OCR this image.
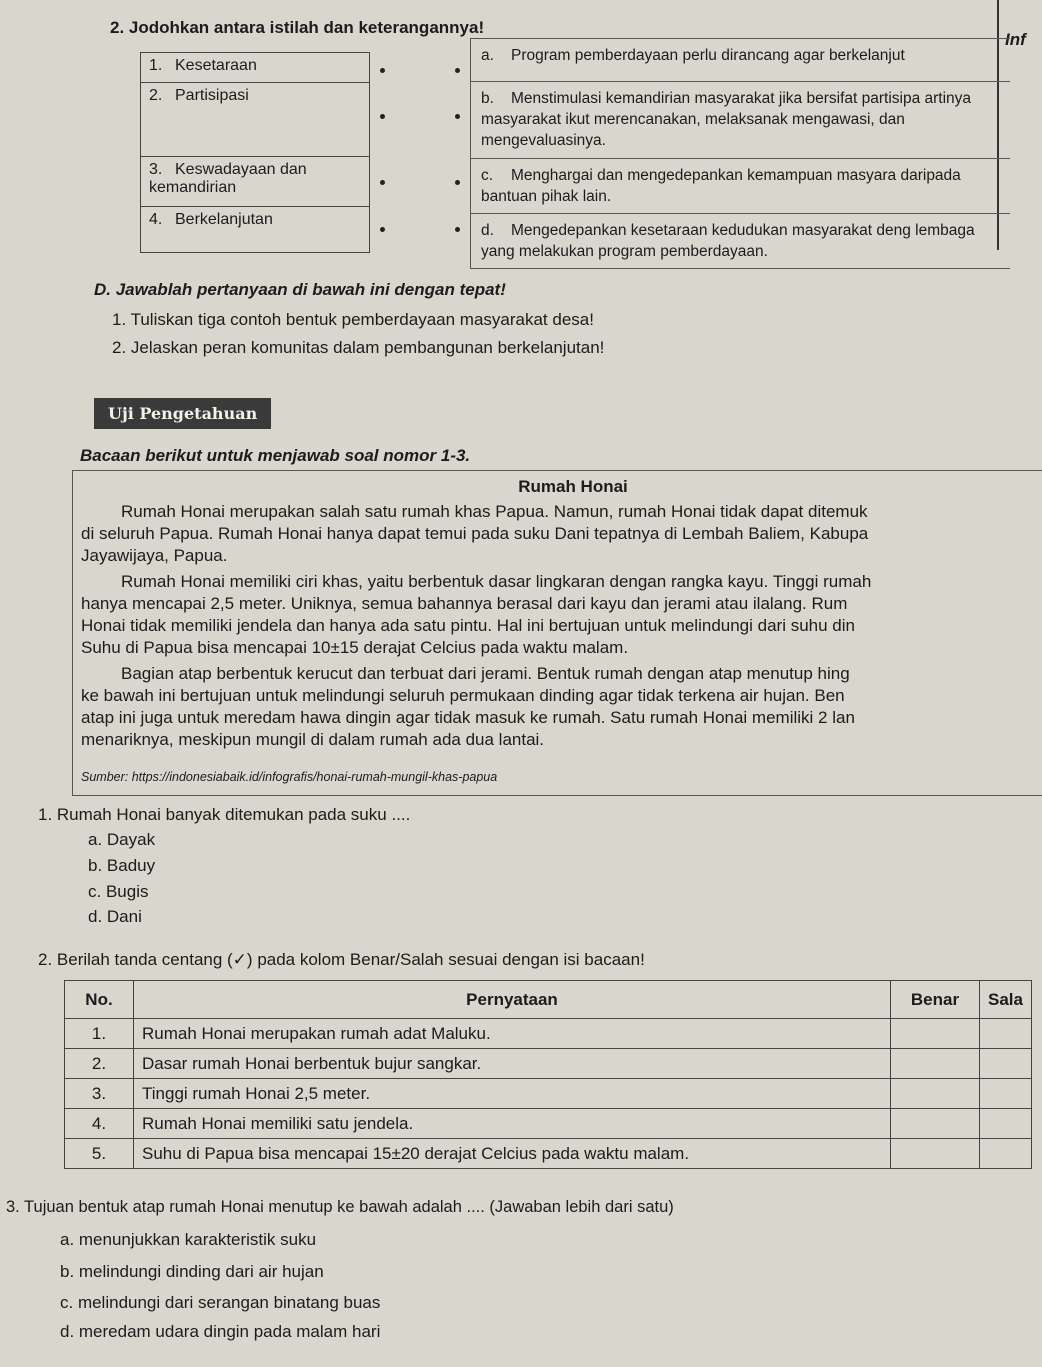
2. Jodohkan antara istilah dan keterangannya!
Inf
1. Kesetaraan
2. Partisipasi
3. Keswadayaan dan kemandirian
4. Berkelanjutan
a. Program pemberdayaan perlu dirancang agar berkelanjut
b. Menstimulasi kemandirian masyarakat jika bersifat partisipa artinya masyarakat ikut merencanakan, melaksanak mengawasi, dan mengevaluasinya.
c. Menghargai dan mengedepankan kemampuan masyara daripada bantuan pihak lain.
d. Mengedepankan kesetaraan kedudukan masyarakat deng lembaga yang melakukan program pemberdayaan.
D. Jawablah pertanyaan di bawah ini dengan tepat!
1. Tuliskan tiga contoh bentuk pemberdayaan masyarakat desa!
2. Jelaskan peran komunitas dalam pembangunan berkelanjutan!
Uji Pengetahuan
Bacaan berikut untuk menjawab soal nomor 1-3.
Rumah Honai
Rumah Honai merupakan salah satu rumah khas Papua. Namun, rumah Honai tidak dapat ditemuk
di seluruh Papua. Rumah Honai hanya dapat temui pada suku Dani tepatnya di Lembah Baliem, Kabupa
Jayawijaya, Papua.
Rumah Honai memiliki ciri khas, yaitu berbentuk dasar lingkaran dengan rangka kayu. Tinggi rumah
hanya mencapai 2,5 meter. Uniknya, semua bahannya berasal dari kayu dan jerami atau ilalang. Rum
Honai tidak memiliki jendela dan hanya ada satu pintu. Hal ini bertujuan untuk melindungi dari suhu din
Suhu di Papua bisa mencapai 10±15 derajat Celcius pada waktu malam.
Bagian atap berbentuk kerucut dan terbuat dari jerami. Bentuk rumah dengan atap menutup hing
ke bawah ini bertujuan untuk melindungi seluruh permukaan dinding agar tidak terkena air hujan. Ben
atap ini juga untuk meredam hawa dingin agar tidak masuk ke rumah. Satu rumah Honai memiliki 2 lan
menariknya, meskipun mungil di dalam rumah ada dua lantai.
Sumber: https://indonesiabaik.id/infografis/honai-rumah-mungil-khas-papua
1. Rumah Honai banyak ditemukan pada suku ....
a. Dayak
b. Baduy
c. Bugis
d. Dani
2. Berilah tanda centang (✓) pada kolom Benar/Salah sesuai dengan isi bacaan!
No.	Pernyataan	Benar	Sala
1.	Rumah Honai merupakan rumah adat Maluku.		
2.	Dasar rumah Honai berbentuk bujur sangkar.		
3.	Tinggi rumah Honai 2,5 meter.		
4.	Rumah Honai memiliki satu jendela.		
5.	Suhu di Papua bisa mencapai 15±20 derajat Celcius pada waktu malam.		
3. Tujuan bentuk atap rumah Honai menutup ke bawah adalah .... (Jawaban lebih dari satu)
a. menunjukkan karakteristik suku
b. melindungi dinding dari air hujan
c. melindungi dari serangan binatang buas
d. meredam udara dingin pada malam hari
